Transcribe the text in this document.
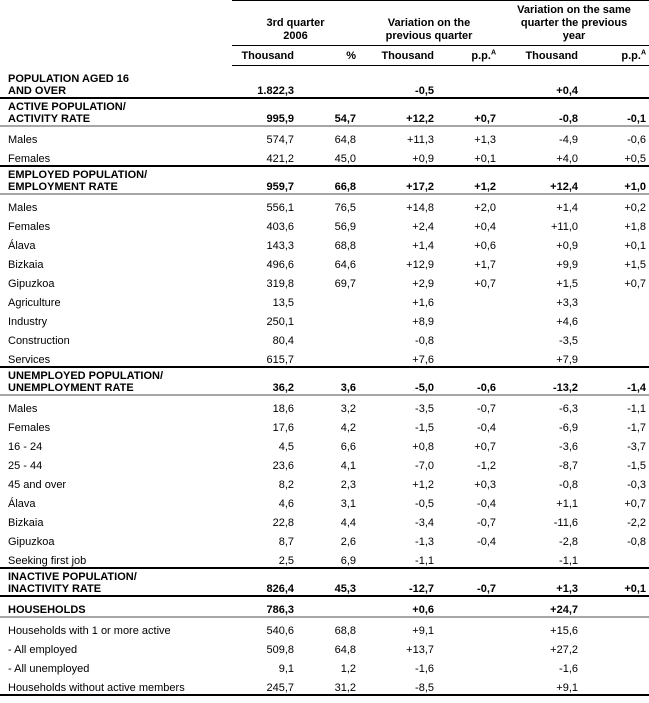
3rd quarter
2006

Variation on the
previous quarter

Variation on the same
quarter the previous
year

	Thousand	%	Thousand	p.p.$^A$	Thousand	p.p.$^A$

POPULATION AGED 16
AND OVER	1.822,3		-0,5		+0,4	

ACTIVE POPULATION/
ACTIVITY RATE	995,9	54,7	+12,2	+0,7	-0,8	-0,1

Males	574,7	64,8	+11,3	+1,3	-4,9	-0,6

Females	421,2	45,0	+0,9	+0,1	+4,0	+0,5

EMPLOYED POPULATION/
EMPLOYMENT RATE	959,7	66,8	+17,2	+1,2	+12,4	+1,0

Males	556,1	76,5	+14,8	+2,0	+1,4	+0,2

Females	403,6	56,9	+2,4	+0,4	+11,0	+1,8

Álava	143,3	68,8	+1,4	+0,6	+0,9	+0,1

Bizkaia	496,6	64,6	+12,9	+1,7	+9,9	+1,5

Gipuzkoa	319,8	69,7	+2,9	+0,7	+1,5	+0,7

Agriculture	13,5		+1,6		+3,3	

Industry	250,1		+8,9		+4,6	

Construction	80,4		-0,8		-3,5	

Services	615,7		+7,6		+7,9	

UNEMPLOYED POPULATION/
UNEMPLOYMENT RATE	36,2	3,6	-5,0	-0,6	-13,2	-1,4

Males	18,6	3,2	-3,5	-0,7	-6,3	-1,1

Females	17,6	4,2	-1,5	-0,4	-6,9	-1,7

16 - 24	4,5	6,6	+0,8	+0,7	-3,6	-3,7

25 - 44	23,6	4,1	-7,0	-1,2	-8,7	-1,5

45 and over	8,2	2,3	+1,2	+0,3	-0,8	-0,3

Álava	4,6	3,1	-0,5	-0,4	+1,1	+0,7

Bizkaia	22,8	4,4	-3,4	-0,7	-11,6	-2,2

Gipuzkoa	8,7	2,6	-1,3	-0,4	-2,8	-0,8

Seeking first job	2,5	6,9	-1,1		-1,1	

INACTIVE POPULATION/
INACTIVITY RATE	826,4	45,3	-12,7	-0,7	+1,3	+0,1

HOUSEHOLDS	786,3		+0,6		+24,7	

Households with 1 or more active	540,6	68,8	+9,1		+15,6	

- All employed	509,8	64,8	+13,7		+27,2	

- All unemployed	9,1	1,2	-1,6		-1,6	

Households without active members	245,7	31,2	-8,5		+9,1	
